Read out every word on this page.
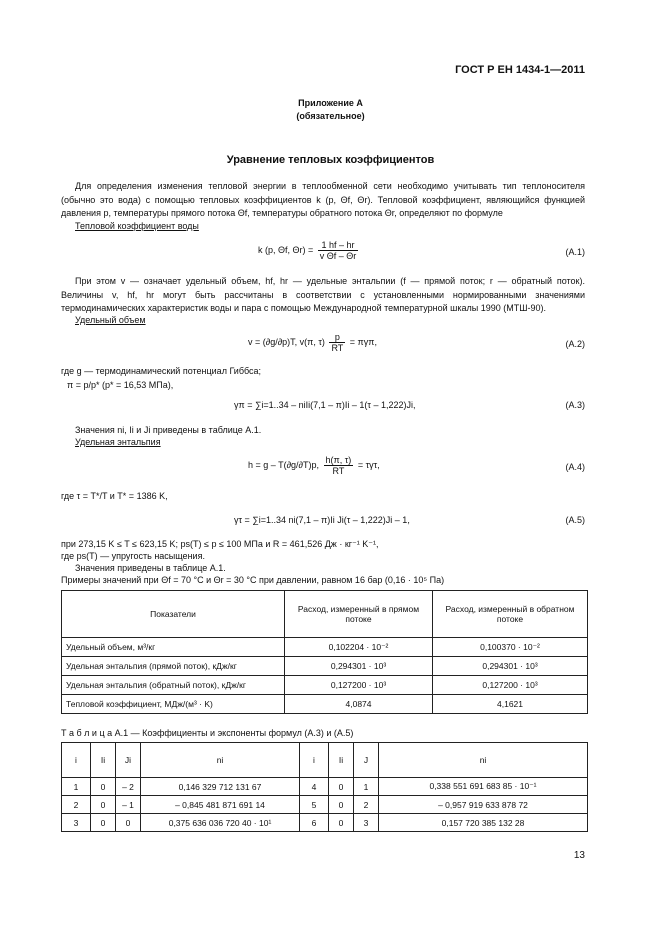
ГОСТ Р ЕН 1434-1—2011
Приложение А
(обязательное)
Уравнение тепловых коэффициентов
Для определения изменения тепловой энергии в теплообменной сети необходимо учитывать тип теплоносителя (обычно это вода) с помощью тепловых коэффициентов k (p, Θf, Θr). Тепловой коэффициент, являющийся функцией давления p, температуры прямого потока Θf, температуры обратного потока Θr, определяют по формуле
Тепловой коэффициент воды
k (p, Θf, $\Theta r) = \frac{1 hf - hr}{\text{v Θf – Θr}}$	(А.1)
При этом v — означает удельный объем, hf, hr — удельные энтальпии (f — прямой поток; r — обратный поток). Величины v, hf, hr могут быть рассчитаны в соответствии с установленными нормированными значениями термодинамических характеристик воды и пара с помощью Международной температурной шкалы 1990 (МТШ-90).
Удельный объем
v = (∂g/∂p)T, v(π, $\tau) \frac{p}{RT} = \pi\gamma\pi$,	(А.2)
где g — термодинамический потенциал Гиббса;
π = p/p* (p* = 16,53 МПа),
γπ = ∑i=1..34 – niIi(7,1 – π)Ii – 1(τ – 1,222)Ji,	(А.3)
Значения ni, Ii и Ji приведены в таблице А.1.
Удельная энтальпия
h = g – T(∂g/∂T)p, $\frac{h(\pi, \tau)}{RT} = \tau\gamma\tau$,	(А.4)
где τ = T*/T и T* = 1386 K,
γτ = ∑i=1..34 ni(7,1 – π)Ii Ji(τ – 1,222)Ji – 1,	(А.5)
при 273,15 K ≤ T ≤ 623,15 K; ps(T) ≤ p ≤ 100 МПа и R = 461,526 Дж · кг⁻¹ K⁻¹,
где ps(T) — упругость насыщения.
Значения приведены в таблице А.1.
Примеры значений при Θf = 70 °С и Θr = 30 °С при давлении, равном 16 бар (0,16 · 10⁵ Па)
Показатели	Расход, измеренный в прямом потоке	Расход, измеренный в обратном потоке
Удельный объем, м³/кг	0,102204 · 10⁻²	0,100370 · 10⁻²
Удельная энтальпия (прямой поток), кДж/кг	0,294301 · 10³	0,294301 · 10³
Удельная энтальпия (обратный поток), кДж/кг	0,127200 · 10³	0,127200 · 10³
Тепловой коэффициент, МДж/(м³ · K)	4,0874	4,1621
Т а б л и ц а А.1 — Коэффициенты и экспоненты формул (А.3) и (А.5)
i	Ii	Ji	ni	i	Ii	J	ni
1	0	– 2	0,146 329 712 131 67	4	0	1	0,338 551 691 683 85 · 10⁻¹
2	0	– 1	– 0,845 481 871 691 14	5	0	2	– 0,957 919 633 878 72
3	0	0	0,375 636 036 720 40 · 10¹	6	0	3	0,157 720 385 132 28
13
